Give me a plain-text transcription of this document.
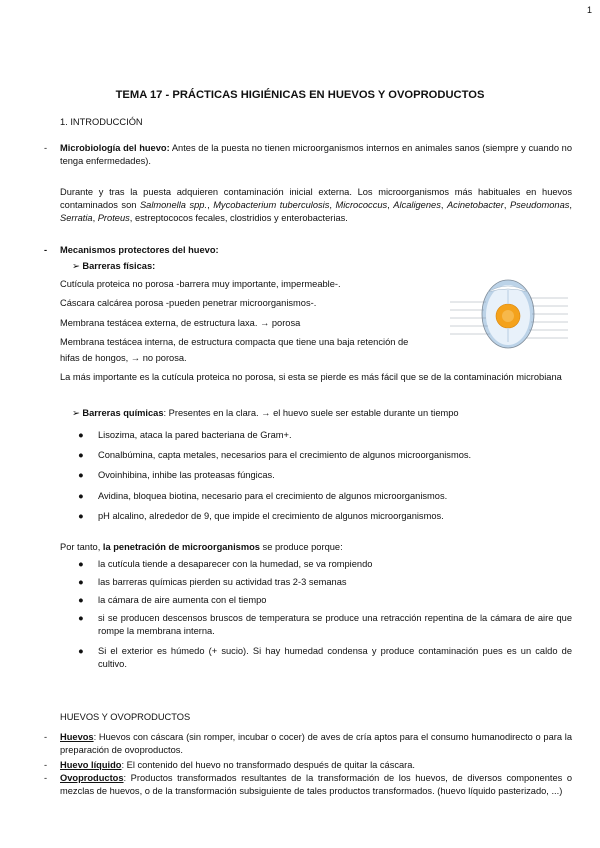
1
TEMA 17 - PRÁCTICAS HIGIÉNICAS EN HUEVOS Y OVOPRODUCTOS
1. INTRODUCCIÓN
- Microbiología del huevo: Antes de la puesta no tienen microorganismos internos en animales sanos (siempre y cuando no tenga enfermedades).
Durante y tras la puesta adquieren contaminación inicial externa. Los microorganismos más habituales en huevos contaminados son Salmonella spp., Mycobacterium tuberculosis, Micrococcus, Alcaligenes, Acinetobacter, Pseudomonas, Serratia, Proteus, estreptococos fecales, clostridios y enterobacterias.
- Mecanismos protectores del huevo:
➢ Barreras físicas:
Cutícula proteica no porosa -barrera muy importante, impermeable-.
Cáscara calcárea porosa -pueden penetrar microorganismos-.
Membrana testácea externa, de estructura laxa. → porosa
Membrana testácea interna, de estructura compacta que tiene una baja retención de
hifas de hongos, → no porosa.
La más importante es la cutícula proteica no porosa, si esta se pierde es más fácil que se de la contaminación microbiana
➢ Barreras químicas: Presentes en la clara. → el huevo suele ser estable durante un tiempo
● Lisozima, ataca la pared bacteriana de Gram+.
● Conalbúmina, capta metales, necesarios para el crecimiento de algunos microorganismos.
● Ovoinhibina, inhibe las proteasas fúngicas.
● Avidina, bloquea biotina, necesario para el crecimiento de algunos microorganismos.
● pH alcalino, alrededor de 9, que impide el crecimiento de algunos microorganismos.
Por tanto, la penetración de microorganismos se produce porque:
● la cutícula tiende a desaparecer con la humedad, se va rompiendo
● las barreras químicas pierden su actividad tras 2-3 semanas
● la cámara de aire aumenta con el tiempo
● si se producen descensos bruscos de temperatura se produce una retracción repentina de la cámara de aire que rompe la membrana interna.
● Si el exterior es húmedo (+ sucio). Si hay humedad condensa y produce contaminación pues es un caldo de cultivo.
HUEVOS Y OVOPRODUCTOS
- Huevos: Huevos con cáscara (sin romper, incubar o cocer) de aves de cría aptos para el consumo humanodirecto o para la preparación de ovoproductos.
- Huevo líquido: El contenido del huevo no transformado después de quitar la cáscara.
- Ovoproductos: Productos transformados resultantes de la transformación de los huevos, de diversos componentes o mezclas de huevos, o de la transformación subsiguiente de tales productos transformados. (huevo líquido pasterizado, ...)
